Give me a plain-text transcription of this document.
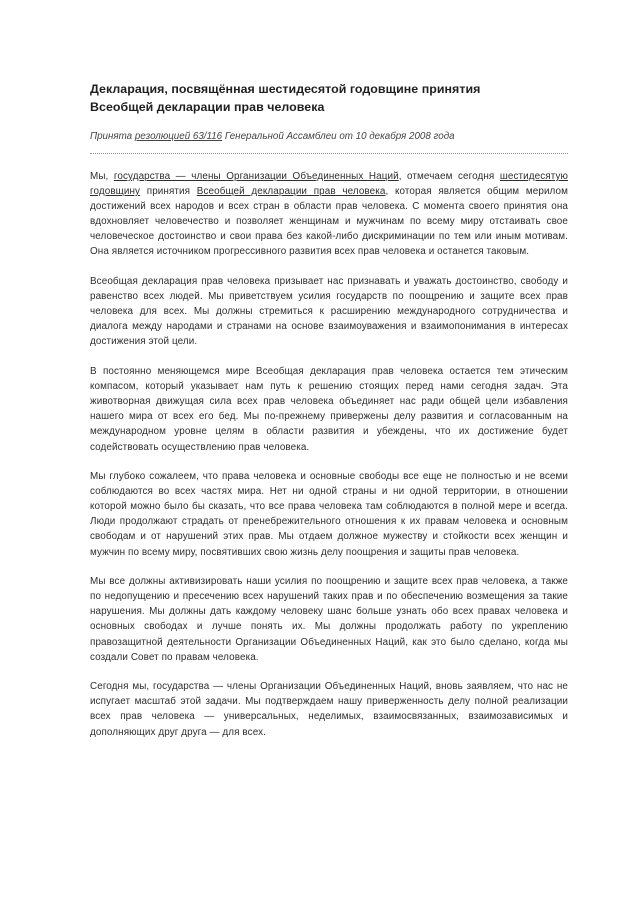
Декларация, посвящённая шестидесятой годовщине принятия
Всеобщей декларации прав человека
Принята резолюцией 63/116 Генеральной Ассамблеи от 10 декабря 2008 года

Мы, государства — члены Организации Объединенных Наций, отмечаем сегодня шестидесятую годовщину принятия Всеобщей декларации прав человека, которая является общим мерилом достижений всех народов и всех стран в области прав человека. С момента своего принятия она вдохновляет человечество и позволяет женщинам и мужчинам по всему миру отстаивать свое человеческое достоинство и свои права без какой-либо дискриминации по тем или иным мотивам. Она является источником прогрессивного развития всех прав человека и останется таковым.

Всеобщая декларация прав человека призывает нас признавать и уважать достоинство, свободу и равенство всех людей. Мы приветствуем усилия государств по поощрению и защите всех прав человека для всех. Мы должны стремиться к расширению международного сотрудничества и диалога между народами и странами на основе взаимоуважения и взаимопонимания в интересах достижения этой цели.

В постоянно меняющемся мире Всеобщая декларация прав человека остается тем этическим компасом, который указывает нам путь к решению стоящих перед нами сегодня задач. Эта животворная движущая сила всех прав человека объединяет нас ради общей цели избавления нашего мира от всех его бед. Мы по-прежнему привержены делу развития и согласованным на международном уровне целям в области развития и убеждены, что их достижение будет содействовать осуществлению прав человека.

Мы глубоко сожалеем, что права человека и основные свободы все еще не полностью и не всеми соблюдаются во всех частях мира. Нет ни одной страны и ни одной территории, в отношении которой можно было бы сказать, что все права человека там соблюдаются в полной мере и всегда. Люди продолжают страдать от пренебрежительного отношения к их правам человека и основным свободам и от нарушений этих прав. Мы отдаем должное мужеству и стойкости всех женщин и мужчин по всему миру, посвятивших свою жизнь делу поощрения и защиты прав человека.

Мы все должны активизировать наши усилия по поощрению и защите всех прав человека, а также по недопущению и пресечению всех нарушений таких прав и по обеспечению возмещения за такие нарушения. Мы должны дать каждому человеку шанс больше узнать обо всех правах человека и основных свободах и лучше понять их. Мы должны продолжать работу по укреплению правозащитной деятельности Организации Объединенных Наций, как это было сделано, когда мы создали Совет по правам человека.

Сегодня мы, государства — члены Организации Объединенных Наций, вновь заявляем, что нас не испугает масштаб этой задачи. Мы подтверждаем нашу приверженность делу полной реализации всех прав человека — универсальных, неделимых, взаимосвязанных, взаимозависимых и дополняющих друг друга — для всех.
